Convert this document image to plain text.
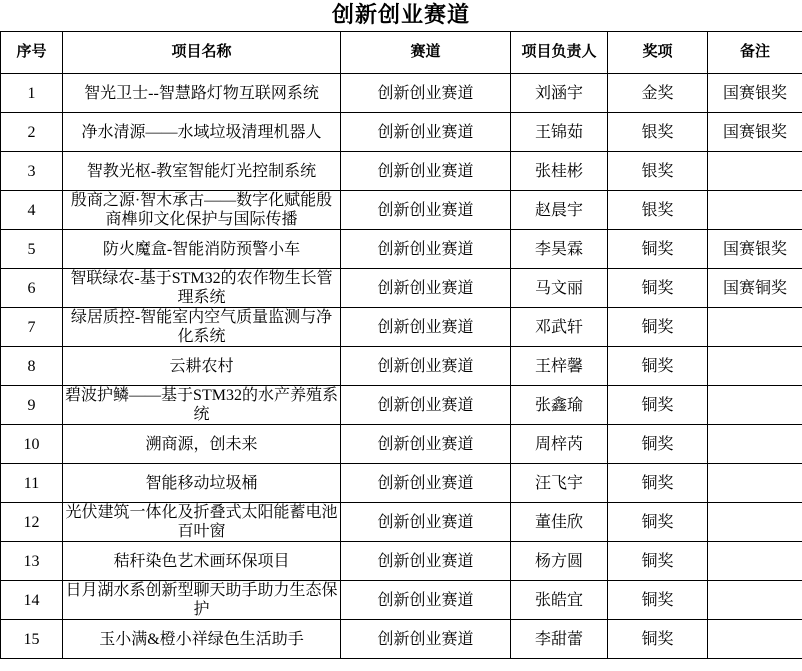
创新创业赛道
序号	项目名称	赛道	项目负责人	奖项	备注
1	智光卫士--智慧路灯物互联网系统	创新创业赛道	刘涵宇	金奖	国赛银奖
2	净水清源——水域垃圾清理机器人	创新创业赛道	王锦茹	银奖	国赛银奖
3	智教光枢-教室智能灯光控制系统	创新创业赛道	张桂彬	银奖	
4	殷商之源·智木承古——数字化赋能殷商榫卯文化保护与国际传播	创新创业赛道	赵晨宇	银奖	
5	防火魔盒-智能消防预警小车	创新创业赛道	李昊霖	铜奖	国赛银奖
6	智联绿农-基于STM32的农作物生长管理系统	创新创业赛道	马文丽	铜奖	国赛铜奖
7	绿居质控-智能室内空气质量监测与净化系统	创新创业赛道	邓武轩	铜奖	
8	云耕农村	创新创业赛道	王梓馨	铜奖	
9	碧波护鳞——基于STM32的水产养殖系统	创新创业赛道	张鑫瑜	铜奖	
10	溯商源，创未来	创新创业赛道	周梓芮	铜奖	
11	智能移动垃圾桶	创新创业赛道	汪飞宇	铜奖	
12	光伏建筑一体化及折叠式太阳能蓄电池百叶窗	创新创业赛道	董佳欣	铜奖	
13	秸秆染色艺术画环保项目	创新创业赛道	杨方圆	铜奖	
14	日月湖水系创新型聊天助手助力生态保护	创新创业赛道	张皓宜	铜奖	
15	玉小满&橙小祥绿色生活助手	创新创业赛道	李甜蕾	铜奖	
